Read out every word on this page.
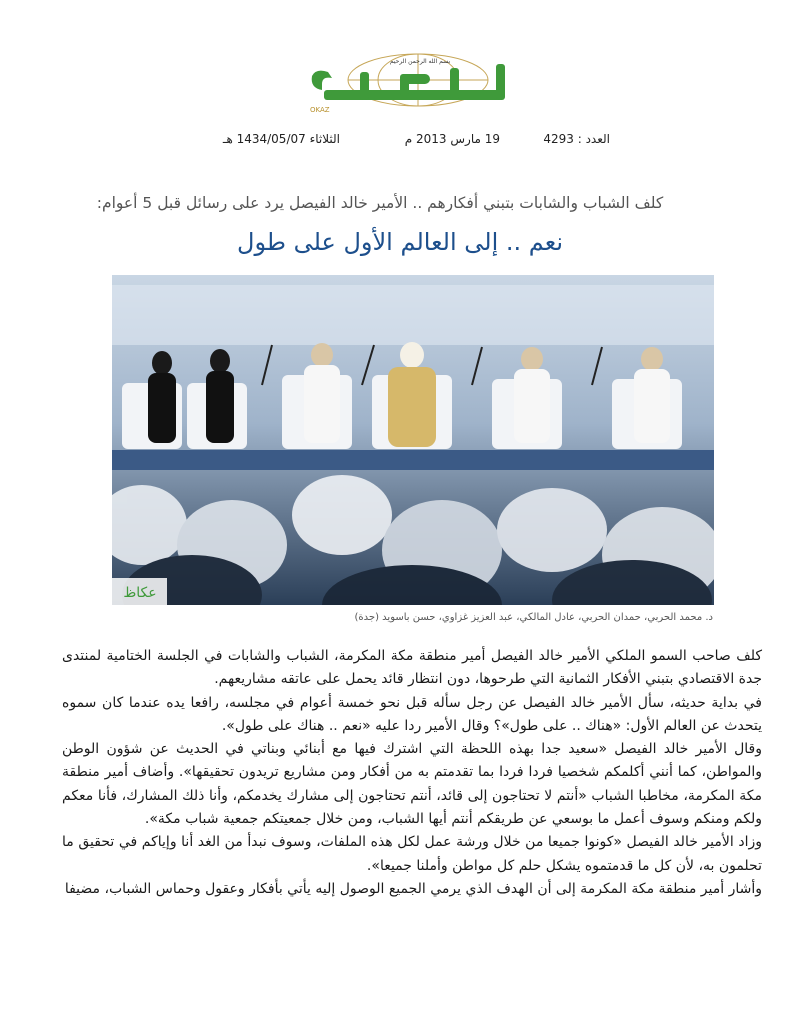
بسم الله الرحمن الرحيم
OKAZ
العدد : 4293
19 مارس 2013 م
الثلاثاء 1434/05/07 هـ
كلف الشباب والشابات بتبني أفكارهم .. الأمير خالد الفيصل يرد على رسائل قبل 5 أعوام:
نعم .. إلى العالم الأول على طول
عكاظ
د. محمد الحربي، حمدان الحربي، عادل المالكي، عبد العزيز غزاوي، حسن باسويد (جدة)

كلف صاحب السمو الملكي الأمير خالد الفيصل أمير منطقة مكة المكرمة، الشباب والشابات في الجلسة الختامية لمنتدى جدة الاقتصادي بتبني الأفكار الثمانية التي طرحوها، دون انتظار قائد يحمل على عاتقه مشاريعهم.

في بداية حديثه، سأل الأمير خالد الفيصل عن رجل سأله قبل نحو خمسة أعوام في مجلسه، رافعا يده عندما كان سموه يتحدث عن العالم الأول: «هناك .. على طول»؟ وقال الأمير ردا عليه «نعم .. هناك على طول».

وقال الأمير خالد الفيصل «سعيد جدا بهذه اللحظة التي اشترك فيها مع أبنائي وبناتي في الحديث عن شؤون الوطن والمواطن، كما أنني أكلمكم شخصيا فردا فردا بما تقدمتم به من أفكار ومن مشاريع تريدون تحقيقها». وأضاف أمير منطقة مكة المكرمة، مخاطبا الشباب «أنتم لا تحتاجون إلى قائد، أنتم تحتاجون إلى مشارك يخدمكم، وأنا ذلك المشارك، فأنا معكم ولكم ومنكم وسوف أعمل ما بوسعي عن طريقكم أنتم أيها الشباب، ومن خلال جمعيتكم جمعية شباب مكة».

وزاد الأمير خالد الفيصل «كونوا جميعا من خلال ورشة عمل لكل هذه الملفات، وسوف نبدأ من الغد أنا وإياكم في تحقيق ما تحلمون به، لأن كل ما قدمتموه يشكل حلم كل مواطن وأملنا جميعا».

وأشار أمير منطقة مكة المكرمة إلى أن الهدف الذي يرمي الجميع الوصول إليه يأتي بأفكار وعقول وحماس الشباب، مضيفا
